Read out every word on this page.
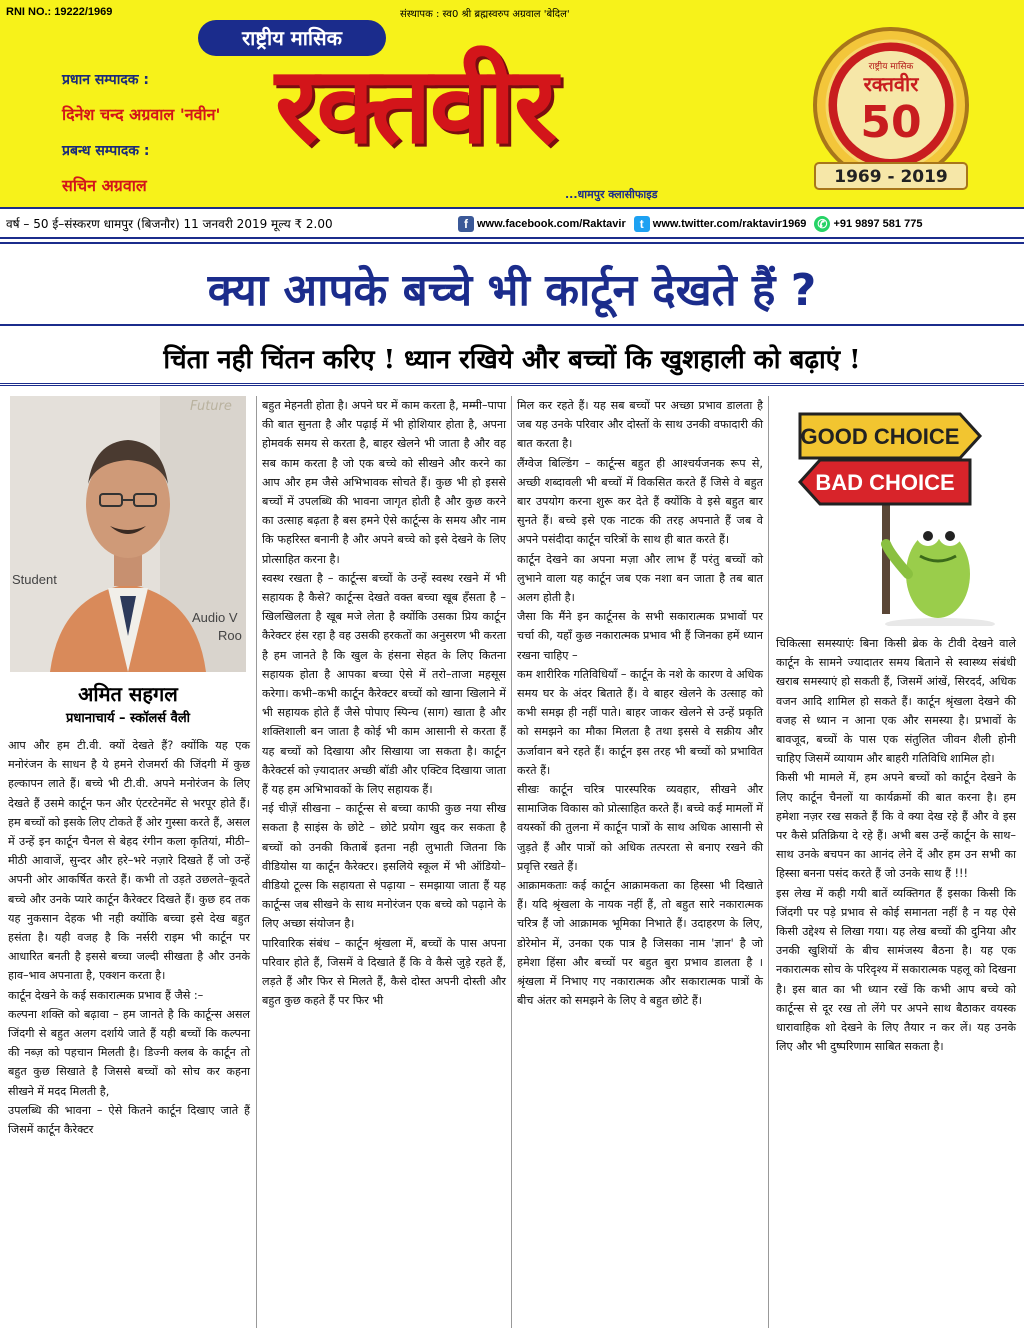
RNI NO.: 19222/1969	संस्थापक : स्व0 श्री ब्रह्मस्वरुप अग्रवाल 'बेदिल'
राष्ट्रीय मासिक
रक्तवीर
...धामपुर क्लासीफाइड
प्रधान सम्पादक :
दिनेश चन्द अग्रवाल 'नवीन'
प्रबन्ध सम्पादक :
सचिन अग्रवाल
राष्ट्रीय मासिक
रक्तवीर
50
1969 - 2019
वर्ष – 50 ई–संस्करण धामपुर (बिजनौर) 11 जनवरी 2019 मूल्य ₹ 2.00	f www.facebook.com/Raktavir	t www.twitter.com/raktavir1969 ✆ +91 9897 581 775
क्या आपके बच्चे भी कार्टून देखते हैं ?
चिंता नही चिंतन करिए ! ध्यान रखिये और बच्चों कि खुशहाली को बढ़ाएं !
Future
Student
Audio V
Roo
अमित सहगल
प्रधानाचार्य – स्कॉलर्स वैली
GOOD CHOICE
BAD CHOICE

आप और हम टी.वी. क्यों देखते हैं? क्योंकि यह एक मनोरंजन के साधन है ये हमने रोजमर्रा की जिंदगी में कुछ हल्कापन लाते हैं। बच्चे भी टी.वी. अपने मनोरंजन के लिए देखते हैं उसमे कार्टून फन और एंटरटेनमेंट से भरपूर होते हैं। हम बच्चों को इसके लिए टोकते हैं ओर गुस्सा करते हैं, असल में उन्हें इन कार्टून चैनल से बेहद रंगीन कला कृतियां, मीठी–मीठी आवाजें, सुन्दर और हरे–भरे नज़ारे दिखते हैं जो उन्हें अपनी ओर आकर्षित करते हैं। कभी तो उड़ते उछलते–कूदते बच्चे और उनके प्यारे कार्टून कैरेक्टर दिखते हैं। कुछ हद तक यह नुकसान देहक भी नही क्योंकि बच्चा इसे देख बहुत हसंता है। यही वजह है कि नर्सरी राइम भी कार्टून पर आधारित बनती है इससे बच्चा जल्दी सीखता है और उनके हाव–भाव अपनाता है, एक्शन करता है।

कार्टून देखने के कई सकारात्मक प्रभाव हैं जैसे :–

कल्पना शक्ति को बढ़ावा – हम जानते है कि कार्टून्स असल जिंदगी से बहुत अलग दर्शाये जाते हैं यही बच्चों कि कल्पना की नब्ज़ को पहचान मिलती है। डिज्नी क्लब के कार्टून तो बहुत कुछ सिखाते है जिससे बच्चों को सोच कर कहना सीखने में मदद मिलती है,

उपलब्धि की भावना – ऐसे कितने कार्टून दिखाए जाते हैं जिसमें कार्टून कैरेक्टर

बहुत मेहनती होता है। अपने घर में काम करता है, मम्मी–पापा की बात सुनता है और पढ़ाई में भी होशियार होता है, अपना होमवर्क समय से करता है, बाहर खेलने भी जाता है और वह सब काम करता है जो एक बच्चे को सीखने और करने का आप और हम जैसे अभिभावक सोचते हैं। कुछ भी हो इससे बच्चों में उपलब्धि की भावना जागृत होती है और कुछ करने का उत्साह बढ़ता है बस हमने ऐसे कार्टून्स के समय और नाम कि फहरिस्त बनानी है और अपने बच्चे को इसे देखने के लिए प्रोत्साहित करना है।

स्वस्थ रखता है – कार्टून्स बच्चों के उन्हें स्वस्थ रखने में भी सहायक है कैसे? कार्टून्स देखते वक्त बच्चा खूब हँसता है – खिलखिलता है खूब मजे लेता है क्योंकि उसका प्रिय कार्टून कैरेक्टर हंस रहा है वह उसकी हरकतों का अनुसरण भी करता है हम जानते है कि खुल के हंसना सेहत के लिए कितना सहायक होता है आपका बच्चा ऐसे में तरो–ताजा महसूस करेगा। कभी–कभी कार्टून कैरेक्टर बच्चों को खाना खिलाने में भी सहायक होते हैं जैसे पोपाए स्पिन्च (साग) खाता है और शक्तिशाली बन जाता है कोई भी काम आसानी से करता हैं यह बच्चों को दिखाया और सिखाया जा सकता है। कार्टून कैरेक्टर्स को ज़्यादातर अच्छी बॉडी और एक्टिव दिखाया जाता हैं यह हम अभिभावकों के लिए सहायक हैं।

नई चीज़ें सीखना – कार्टून्स से बच्चा काफी कुछ नया सीख सकता है साइंस के छोटे – छोटे प्रयोग खुद कर सकता है बच्चों को उनकी किताबें इतना नही लुभाती जितना कि वीडियोस या कार्टून कैरेक्टर। इसलिये स्कूल में भी ऑडियो–वीडियो टूल्स कि सहायता से पढ़ाया – समझाया जाता हैं यह कार्टून्स जब सीखने के साथ मनोरंजन एक बच्चे को पढ़ाने के लिए अच्छा संयोजन है।

पारिवारिक संबंध – कार्टून श्रृंखला में, बच्चों के पास अपना परिवार होते हैं, जिसमें वे दिखाते हैं कि वे कैसे जुड़े रहते हैं, लड़ते हैं और फिर से मिलते हैं, कैसे दोस्त अपनी दोस्ती और बहुत कुछ कहते हैं पर फिर भी

मिल कर रहते हैं। यह सब बच्चों पर अच्छा प्रभाव डालता है जब यह उनके परिवार और दोस्तों के साथ उनकी वफादारी की बात करता है।

लैंग्वेज बिल्डिंग – कार्टून्स बहुत ही आश्चर्यजनक रूप से, अच्छी शब्दावली भी बच्चों में विकसित करते हैं जिसे वे बहुत बार उपयोग करना शुरू कर देते हैं क्योंकि वे इसे बहुत बार सुनते हैं। बच्चे इसे एक नाटक की तरह अपनाते हैं जब वे अपने पसंदीदा कार्टून चरित्रों के साथ ही बात करते हैं।

कार्टून देखने का अपना मज़ा और लाभ हैं परंतु बच्चों को लुभाने वाला यह कार्टून जब एक नशा बन जाता है तब बात अलग होती है।

जैसा कि मैंने इन कार्टूनस के सभी सकारात्मक प्रभावों पर चर्चा की, यहाँ कुछ नकारात्मक प्रभाव भी हैं जिनका हमें ध्यान रखना चाहिए –

कम शारीरिक गतिविधियाँ – कार्टून के नशे के कारण वे अधिक समय घर के अंदर बिताते हैं। वे बाहर खेलने के उत्साह को कभी समझ ही नहीं पाते। बाहर जाकर खेलने से उन्हें प्रकृति को समझने का मौका मिलता है तथा इससे वे सक्रीय और ऊर्जावान बने रहते हैं। कार्टून इस तरह भी बच्चों को प्रभावित करते हैं।

सीखः कार्टून चरित्र पारस्परिक व्यवहार, सीखने और सामाजिक विकास को प्रोत्साहित करते हैं। बच्चे कई मामलों में वयस्कों की तुलना में कार्टून पात्रों के साथ अधिक आसानी से जुड़ते हैं और पात्रों को अधिक तत्परता से बनाए रखने की प्रवृत्ति रखते हैं।

आक्रामकताः कई कार्टून आक्रामकता का हिस्सा भी दिखाते हैं। यदि श्रृंखला के नायक नहीं हैं, तो बहुत सारे नकारात्मक चरित्र हैं जो आक्रामक भूमिका निभाते हैं। उदाहरण के लिए, डोरेमोन में, उनका एक पात्र है जिसका नाम 'ज्ञान' है जो हमेशा हिंसा और बच्चों पर बहुत बुरा प्रभाव डालता है । श्रृंखला में निभाए गए नकारात्मक और सकारात्मक पात्रों के बीच अंतर को समझने के लिए वे बहुत छोटे हैं।

चिकित्सा समस्याएंः बिना किसी ब्रेक के टीवी देखने वाले कार्टून के सामने ज्यादातर समय बिताने से स्वास्थ्य संबंधी खराब समस्याएं हो सकती हैं, जिसमें आंखें, सिरदर्द, अधिक वजन आदि शामिल हो सकते हैं। कार्टून श्रृंखला देखने की वजह से ध्यान न आना एक और समस्या है। प्रभावों के बावजूद, बच्चों के पास एक संतुलित जीवन शैली होनी चाहिए जिसमें व्यायाम और बाहरी गतिविधि शामिल हो।

किसी भी मामले में, हम अपने बच्चों को कार्टून देखने के लिए कार्टून चैनलों या कार्यक्रमों की बात करना है। हम हमेशा नज़र रख सकते हैं कि वे क्या देख रहे हैं और वे इस पर कैसे प्रतिक्रिया दे रहे हैं। अभी बस उन्हें कार्टून के साथ–साथ उनके बचपन का आनंद लेने दें और हम उन सभी का हिस्सा बनना पसंद करते हैं जो उनके साथ हैं !!!

इस लेख में कही गयी बातें व्यक्तिगत हैं इसका किसी कि जिंदगी पर पड़े प्रभाव से कोई समानता नहीं है न यह ऐसे किसी उद्देश्य से लिखा गया। यह लेख बच्चों की दुनिया और उनकी खुशियों के बीच सामंजस्य बैठना है। यह एक नकारात्मक सोच के परिदृश्य में सकारात्मक पहलू को दिखना है। इस बात का भी ध्यान रखें कि कभी आप बच्चे को कार्टून्स से दूर रख तो लेंगे पर अपने साथ बैठाकर वयस्क धारावाहिक शो देखने के लिए तैयार न कर लें। यह उनके लिए और भी दुष्परिणाम साबित सकता है।
